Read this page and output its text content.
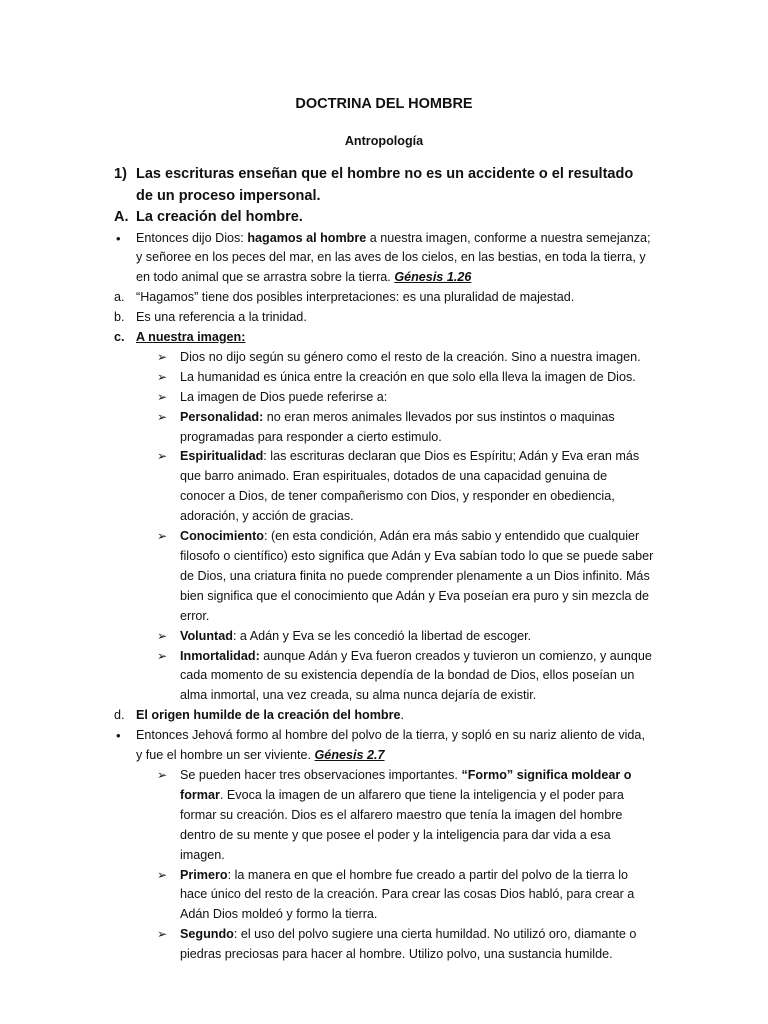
DOCTRINA DEL HOMBRE
Antropología
1) Las escrituras enseñan que el hombre no es un accidente o el resultado de un proceso impersonal.
A. La creación del hombre.
• Entonces dijo Dios: hagamos al hombre a nuestra imagen, conforme a nuestra semejanza; y señoree en los peces del mar, en las aves de los cielos, en las bestias, en toda la tierra, y en todo animal que se arrastra sobre la tierra. Génesis 1.26
a. “Hagamos” tiene dos posibles interpretaciones: es una pluralidad de majestad.
b. Es una referencia a la trinidad.
c. A nuestra imagen:
➢ Dios no dijo según su género como el resto de la creación. Sino a nuestra imagen.
➢ La humanidad es única entre la creación en que solo ella lleva la imagen de Dios.
➢ La imagen de Dios puede referirse a:
➢ Personalidad: no eran meros animales llevados por sus instintos o maquinas programadas para responder a cierto estimulo.
➢ Espiritualidad: las escrituras declaran que Dios es Espíritu; Adán y Eva eran más que barro animado. Eran espirituales, dotados de una capacidad genuina de conocer a Dios, de tener compañerismo con Dios, y responder en obediencia, adoración, y acción de gracias.
➢ Conocimiento: (en esta condición, Adán era más sabio y entendido que cualquier filosofo o científico) esto significa que Adán y Eva sabían todo lo que se puede saber de Dios, una criatura finita no puede comprender plenamente a un Dios infinito. Más bien significa que el conocimiento que Adán y Eva poseían era puro y sin mezcla de error.
➢ Voluntad: a Adán y Eva se les concedió la libertad de escoger.
➢ Inmortalidad: aunque Adán y Eva fueron creados y tuvieron un comienzo, y aunque cada momento de su existencia dependía de la bondad de Dios, ellos poseían un alma inmortal, una vez creada, su alma nunca dejaría de existir.
d. El origen humilde de la creación del hombre.
• Entonces Jehová formo al hombre del polvo de la tierra, y sopló en su nariz aliento de vida, y fue el hombre un ser viviente. Génesis 2.7
➢ Se pueden hacer tres observaciones importantes. “Formo” significa moldear o formar. Evoca la imagen de un alfarero que tiene la inteligencia y el poder para formar su creación. Dios es el alfarero maestro que tenía la imagen del hombre dentro de su mente y que posee el poder y la inteligencia para dar vida a esa imagen.
➢ Primero: la manera en que el hombre fue creado a partir del polvo de la tierra lo hace único del resto de la creación. Para crear las cosas Dios habló, para crear a Adán Dios moldeó y formo la tierra.
➢ Segundo: el uso del polvo sugiere una cierta humildad. No utilizó oro, diamante o piedras preciosas para hacer al hombre. Utilizo polvo, una sustancia humilde.
